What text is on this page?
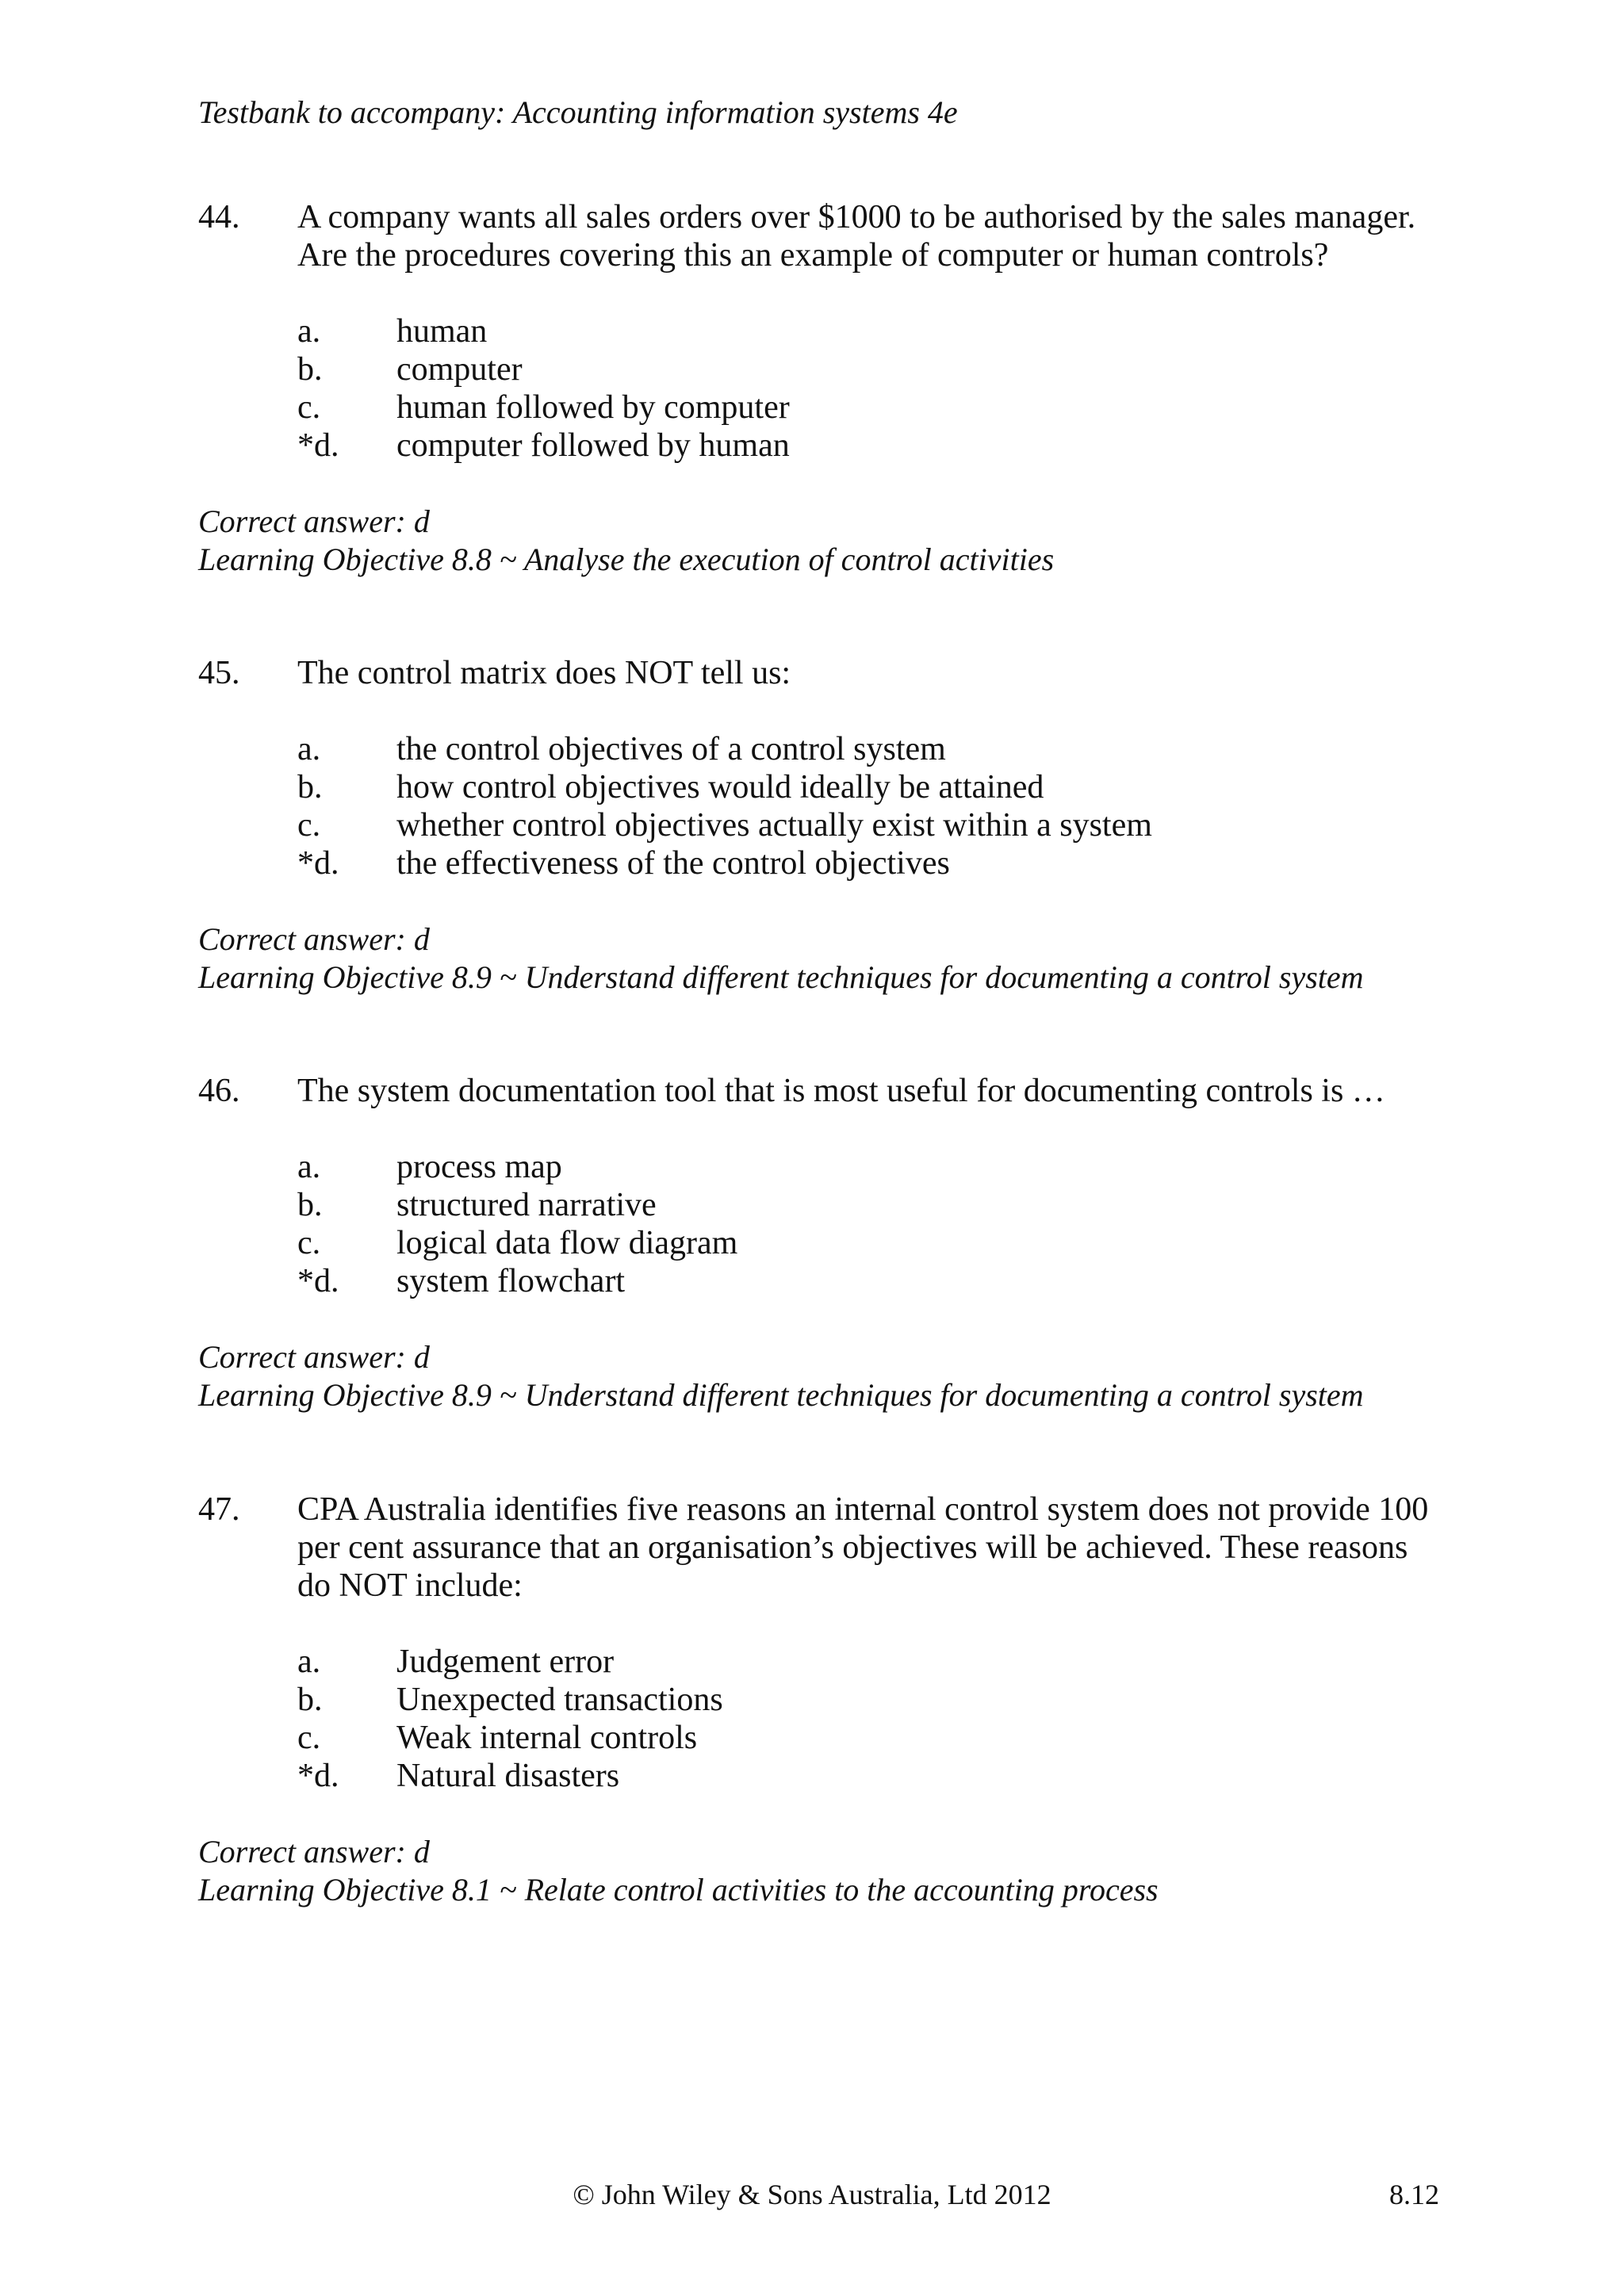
Testbank to accompany: Accounting information systems 4e
44.	A company wants all sales orders over $1000 to be authorised by the sales manager. Are the procedures covering this an example of computer or human controls?
a.	human
b.	computer
c.	human followed by computer
*d.	computer followed by human
Correct answer: d
Learning Objective 8.8 ~ Analyse the execution of control activities
45.	The control matrix does NOT tell us:
a.	the control objectives of a control system
b.	how control objectives would ideally be attained
c.	whether control objectives actually exist within a system
*d.	the effectiveness of the control objectives
Correct answer: d
Learning Objective 8.9 ~ Understand different techniques for documenting a control system
46.	The system documentation tool that is most useful for documenting controls is …
a.	process map
b.	structured narrative
c.	logical data flow diagram
*d.	system flowchart
Correct answer: d
Learning Objective 8.9 ~ Understand different techniques for documenting a control system
47.	CPA Australia identifies five reasons an internal control system does not provide 100 per cent assurance that an organisation’s objectives will be achieved. These reasons do NOT include:
a.	Judgement error
b.	Unexpected transactions
c.	Weak internal controls
*d.	Natural disasters
Correct answer: d
Learning Objective 8.1 ~ Relate control activities to the accounting process
© John Wiley & Sons Australia, Ltd 2012	8.12
